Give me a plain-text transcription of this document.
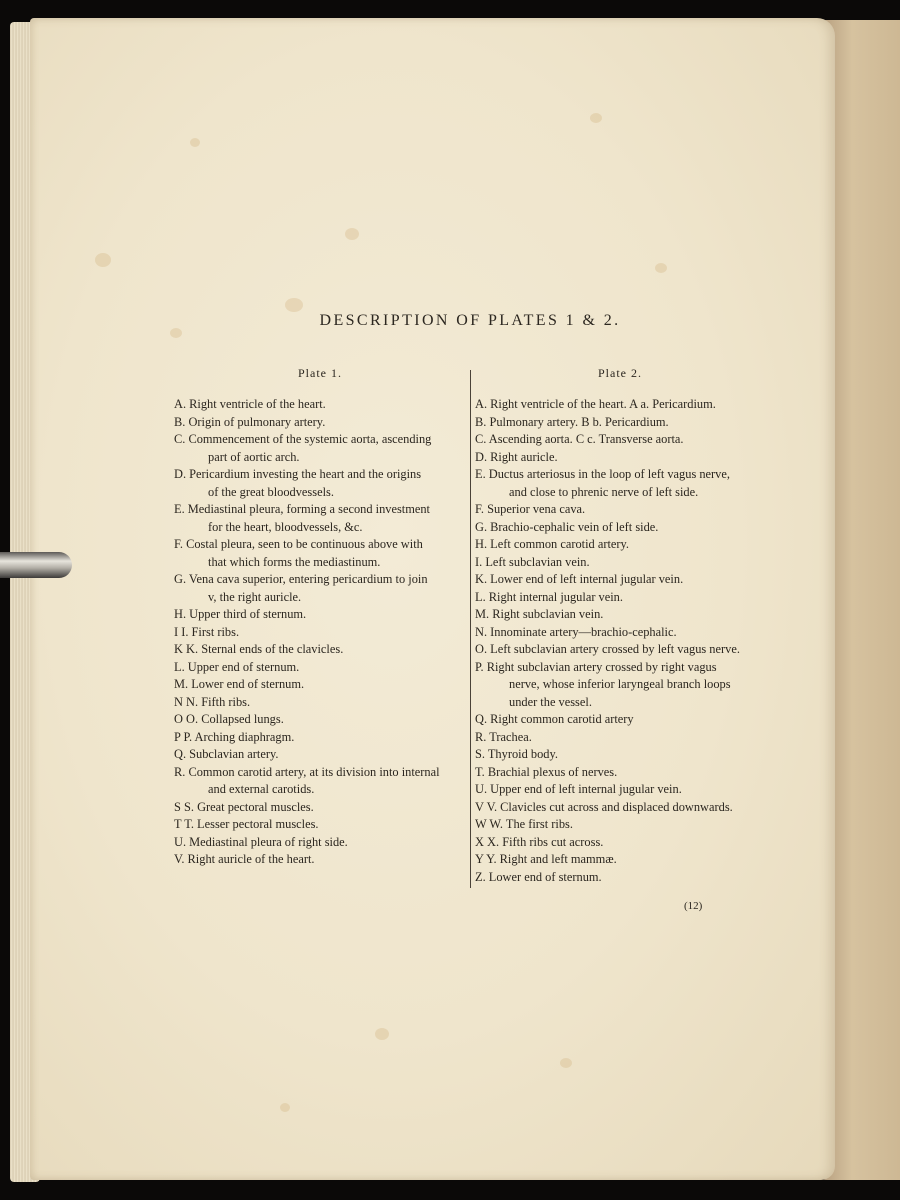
DESCRIPTION OF PLATES 1 & 2.
Plate 1.	Plate 2.
A. Right ventricle of the heart.
B. Origin of pulmonary artery.
C. Commencement of the systemic aorta, ascending
part of aortic arch.
D. Pericardium investing the heart and the origins
of the great bloodvessels.
E. Mediastinal pleura, forming a second investment
for the heart, bloodvessels, &c.
F. Costal pleura, seen to be continuous above with
that which forms the mediastinum.
G. Vena cava superior, entering pericardium to join
v, the right auricle.
H. Upper third of sternum.
I I. First ribs.
K K. Sternal ends of the clavicles.
L. Upper end of sternum.
M. Lower end of sternum.
N N. Fifth ribs.
O O. Collapsed lungs.
P P. Arching diaphragm.
Q. Subclavian artery.
R. Common carotid artery, at its division into internal
and external carotids.
S S. Great pectoral muscles.
T T. Lesser pectoral muscles.
U. Mediastinal pleura of right side.
V. Right auricle of the heart.
A. Right ventricle of the heart. A a. Pericardium.
B. Pulmonary artery. B b. Pericardium.
C. Ascending aorta. C c. Transverse aorta.
D. Right auricle.
E. Ductus arteriosus in the loop of left vagus nerve,
and close to phrenic nerve of left side.
F. Superior vena cava.
G. Brachio-cephalic vein of left side.
H. Left common carotid artery.
I. Left subclavian vein.
K. Lower end of left internal jugular vein.
L. Right internal jugular vein.
M. Right subclavian vein.
N. Innominate artery—brachio-cephalic.
O. Left subclavian artery crossed by left vagus nerve.
P. Right subclavian artery crossed by right vagus
nerve, whose inferior laryngeal branch loops
under the vessel.
Q. Right common carotid artery
R. Trachea.
S. Thyroid body.
T. Brachial plexus of nerves.
U. Upper end of left internal jugular vein.
V V. Clavicles cut across and displaced downwards.
W W. The first ribs.
X X. Fifth ribs cut across.
Y Y. Right and left mammæ.
Z. Lower end of sternum.
(12)
